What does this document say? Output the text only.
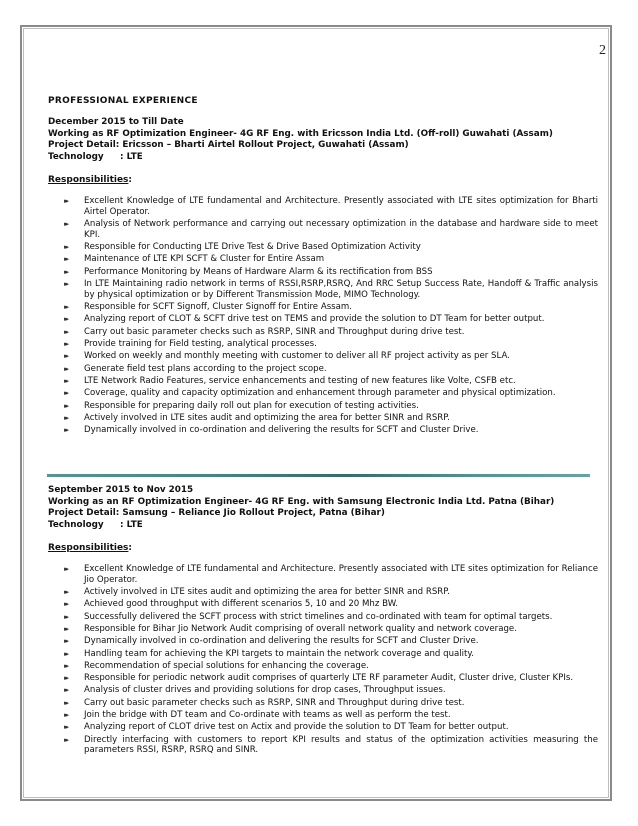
2
PROFESSIONAL EXPERIENCE
December 2015 to Till Date
Working as RF Optimization Engineer- 4G RF Eng. with Ericsson India Ltd. (Off-roll) Guwahati (Assam)
Project Detail: Ericsson – Bharti Airtel Rollout Project, Guwahati (Assam)
Technology : LTE
Responsibilities:
▸▸ Excellent Knowledge of LTE fundamental and Architecture. Presently associated with LTE sites optimization for Bharti Airtel Operator.
▸▸ Analysis of Network performance and carrying out necessary optimization in the database and hardware side to meet KPI.
▸▸ Responsible for Conducting LTE Drive Test & Drive Based Optimization Activity
▸▸ Maintenance of LTE KPI SCFT & Cluster for Entire Assam
▸▸ Performance Monitoring by Means of Hardware Alarm & its rectification from BSS
▸▸ In LTE Maintaining radio network in terms of RSSI,RSRP,RSRQ, And RRC Setup Success Rate, Handoff & Traffic analysis by physical optimization or by Different Transmission Mode, MIMO Technology.
▸▸ Responsible for SCFT Signoff, Cluster Signoff for Entire Assam.
▸▸ Analyzing report of CLOT & SCFT drive test on TEMS and provide the solution to DT Team for better output.
▸▸ Carry out basic parameter checks such as RSRP, SINR and Throughput during drive test.
▸▸ Provide training for Field testing, analytical processes.
▸▸ Worked on weekly and monthly meeting with customer to deliver all RF project activity as per SLA.
▸▸ Generate field test plans according to the project scope.
▸▸ LTE Network Radio Features, service enhancements and testing of new features like Volte, CSFB etc.
▸▸ Coverage, quality and capacity optimization and enhancement through parameter and physical optimization.
▸▸ Responsible for preparing daily roll out plan for execution of testing activities.
▸▸ Actively involved in LTE sites audit and optimizing the area for better SINR and RSRP.
▸▸ Dynamically involved in co-ordination and delivering the results for SCFT and Cluster Drive.
September 2015 to Nov 2015
Working as an RF Optimization Engineer- 4G RF Eng. with Samsung Electronic India Ltd. Patna (Bihar)
Project Detail: Samsung – Reliance Jio Rollout Project, Patna (Bihar)
Technology : LTE
Responsibilities:
▸▸ Excellent Knowledge of LTE fundamental and Architecture. Presently associated with LTE sites optimization for Reliance Jio Operator.
▸▸ Actively involved in LTE sites audit and optimizing the area for better SINR and RSRP.
▸▸ Achieved good throughput with different scenarios 5, 10 and 20 Mhz BW.
▸▸ Successfully delivered the SCFT process with strict timelines and co-ordinated with team for optimal targets.
▸▸ Responsible for Bihar Jio Network Audit comprising of overall network quality and network coverage.
▸▸ Dynamically involved in co-ordination and delivering the results for SCFT and Cluster Drive.
▸▸ Handling team for achieving the KPI targets to maintain the network coverage and quality.
▸▸ Recommendation of special solutions for enhancing the coverage.
▸▸ Responsible for periodic network audit comprises of quarterly LTE RF parameter Audit, Cluster drive, Cluster KPIs.
▸▸ Analysis of cluster drives and providing solutions for drop cases, Throughput issues.
▸▸ Carry out basic parameter checks such as RSRP, SINR and Throughput during drive test.
▸▸ Join the bridge with DT team and Co-ordinate with teams as well as perform the test.
▸▸ Analyzing report of CLOT drive test on Actix and provide the solution to DT Team for better output.
▸▸ Directly interfacing with customers to report KPI results and status of the optimization activities measuring the parameters RSSI, RSRP, RSRQ and SINR.
